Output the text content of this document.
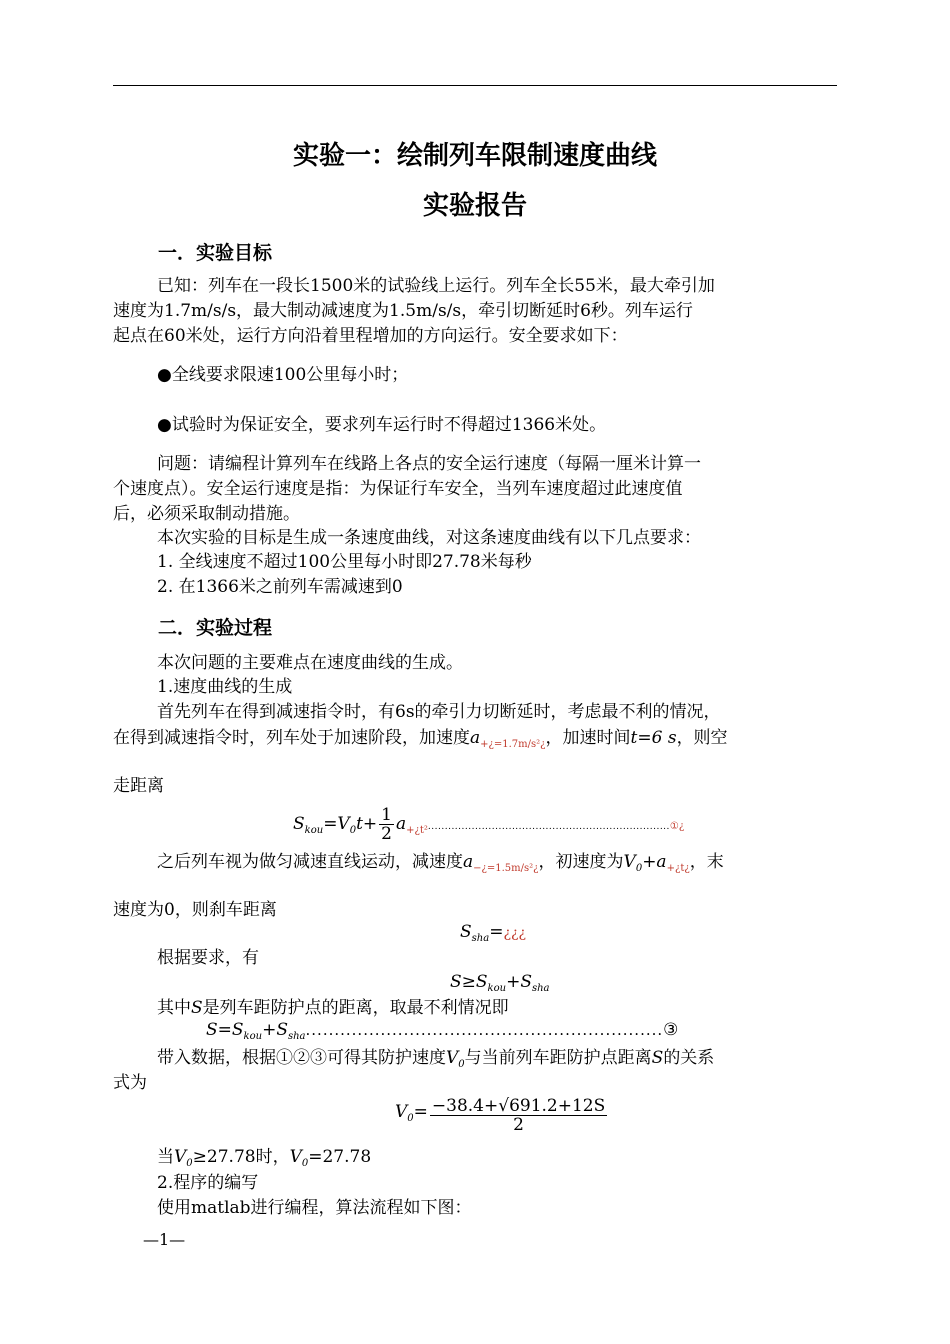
实验一：绘制列车限制速度曲线
实验报告
一．实验目标
已知：列车在一段长1500米的试验线上运行。列车全长55米，最大牵引加
速度为1.7m/s/s，最大制动减速度为1.5m/s/s，牵引切断延时6秒。列车运行
起点在60米处，运行方向沿着里程增加的方向运行。安全要求如下：
●全线要求限速100公里每小时；
●试验时为保证安全，要求列车运行时不得超过1366米处。
问题：请编程计算列车在线路上各点的安全运行速度（每隔一厘米计算一
个速度点）。安全运行速度是指：为保证行车安全，当列车速度超过此速度值
后，必须采取制动措施。
本次实验的目标是生成一条速度曲线，对这条速度曲线有以下几点要求：
1. 全线速度不超过100公里每小时即27.78米每秒
2. 在1366米之前列车需减速到0
二．实验过程
本次问题的主要难点在速度曲线的生成。
1.速度曲线的生成
首先列车在得到减速指令时，有6s的牵引力切断延时，考虑最不利的情况，
在得到减速指令时，列车处于加速阶段，加速度$a_{+¿=1.7m/s^2¿}$，加速时间t=6 s，则空
走距离
$S_{kou}=V_0t+ \frac{1}{2}$ $a_{+¿t^2}........................................................................①¿$
之后列车视为做匀减速直线运动，减速度$a_{-¿=1.5m/s^2¿}$，初速度为$V_0+a_{+¿t¿}$，末
速度为0，则刹车距离
$S_{sha}=¿¿¿$
根据要求，有
$S\ge S_{kou}+S_{sha}$
其中S是列车距防护点的距离，取最不利情况即
$S=S_{kou}+S_{sha}..............................................................③$
带入数据，根据①②③可得其防护速度$V_0$与当前列车距防护点距离S的关系
式为
$V_0= \frac{-38.4+√691.2+12S}{2}$
当$V_0\ge 27.78$时，$V_0=27.78$
2.程序的编写
使用matlab进行编程，算法流程如下图：
—1—
